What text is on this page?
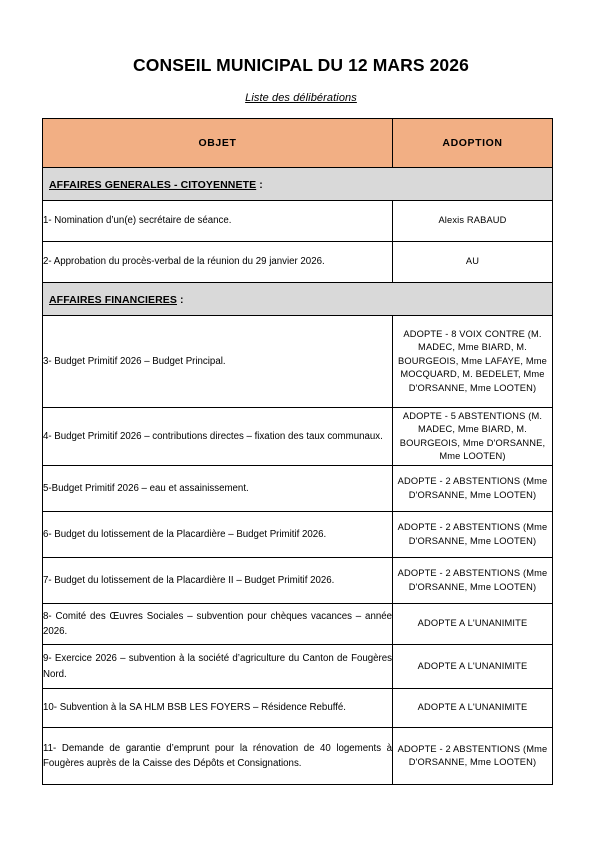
CONSEIL MUNICIPAL DU 12 MARS 2026
Liste des délibérations
OBJET	ADOPTION
AFFAIRES GENERALES - CITOYENNETE :	
1- Nomination d’un(e) secrétaire de séance.	Alexis RABAUD
2- Approbation du procès-verbal de la réunion du 29 janvier 2026.	AU
AFFAIRES FINANCIERES :	
3- Budget Primitif 2026 – Budget Principal.	ADOPTE - 8 VOIX CONTRE (M. MADEC, Mme BIARD, M. BOURGEOIS, Mme LAFAYE, Mme MOCQUARD, M. BEDELET, Mme D'ORSANNE, Mme LOOTEN)
4- Budget Primitif 2026 – contributions directes – fixation des taux communaux.	ADOPTE - 5 ABSTENTIONS (M. MADEC, Mme BIARD, M. BOURGEOIS, Mme D'ORSANNE, Mme LOOTEN)
5-Budget Primitif 2026 – eau et assainissement.	ADOPTE - 2 ABSTENTIONS (Mme D'ORSANNE, Mme LOOTEN)
6- Budget du lotissement de la Placardière – Budget Primitif 2026.	ADOPTE - 2 ABSTENTIONS (Mme D'ORSANNE, Mme LOOTEN)
7- Budget du lotissement de la Placardière II – Budget Primitif 2026.	ADOPTE - 2 ABSTENTIONS (Mme D'ORSANNE, Mme LOOTEN)
8- Comité des Œuvres Sociales – subvention pour chèques vacances – année 2026.	ADOPTE A L'UNANIMITE
9- Exercice 2026 – subvention à la société d’agriculture du Canton de Fougères Nord.	ADOPTE A L'UNANIMITE
10- Subvention à la SA HLM BSB LES FOYERS – Résidence Rebuffé.	ADOPTE A L'UNANIMITE
11- Demande de garantie d’emprunt pour la rénovation de 40 logements à Fougères auprès de la Caisse des Dépôts et Consignations.	ADOPTE - 2 ABSTENTIONS (Mme D'ORSANNE, Mme LOOTEN)
